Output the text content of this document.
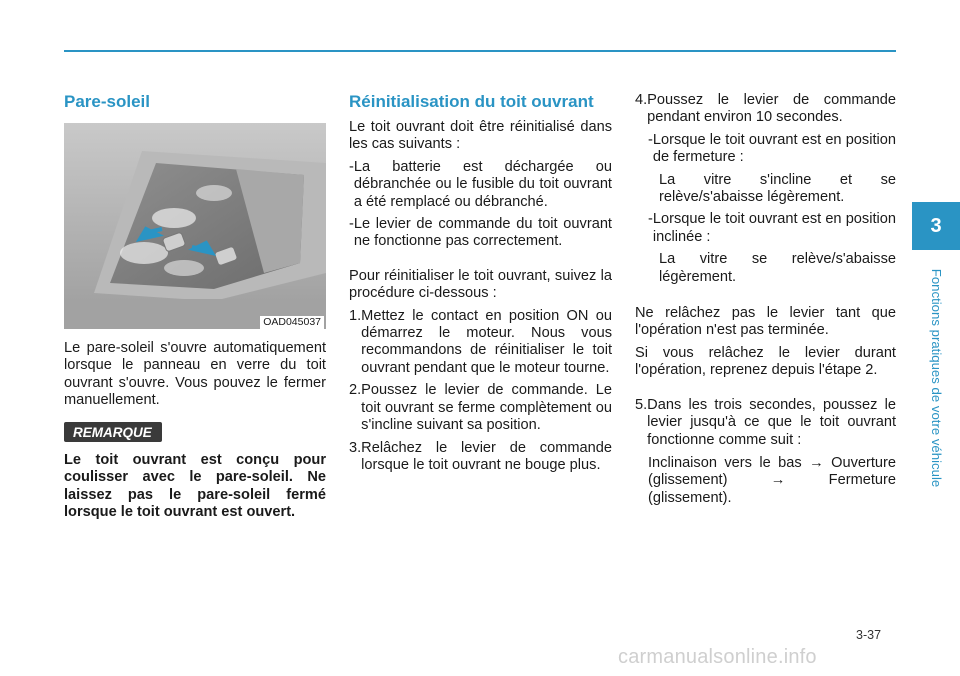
Pare-soleil
OAD045037

Le pare-soleil s'ouvre automatiquement lorsque le panneau en verre du toit ouvrant s'ouvre. Vous pouvez le fermer manuellement.

REMARQUE

Le toit ouvrant est conçu pour coulisser avec le pare-soleil. Ne laissez pas le pare-soleil fermé lorsque le toit ouvrant est ouvert.

Réinitialisation du toit ouvrant

Le toit ouvrant doit être réinitialisé dans les cas suivants :

- La batterie est déchargée ou débranchée ou le fusible du toit ouvrant a été remplacé ou débranché.
- Le levier de commande du toit ouvrant ne fonctionne pas correctement.

Pour réinitialiser le toit ouvrant, suivez la procédure ci-dessous :

1. Mettez le contact en position ON ou démarrez le moteur. Nous vous recommandons de réinitialiser le toit ouvrant pendant que le moteur tourne.
2. Poussez le levier de commande. Le toit ouvrant se ferme complètement ou s'incline suivant sa position.
3. Relâchez le levier de commande lorsque le toit ouvrant ne bouge plus.
4. Poussez le levier de commande pendant environ 10 secondes.
- Lorsque le toit ouvrant est en position de fermeture :

La vitre s'incline et se relève/s'abaisse légèrement.

- Lorsque le toit ouvrant est en position inclinée :

La vitre se relève/s'abaisse légèrement.

Ne relâchez pas le levier tant que l'opération n'est pas terminée.

Si vous relâchez le levier durant l'opération, reprenez depuis l'étape 2.

5. Dans les trois secondes, poussez le levier jusqu'à ce que le toit ouvrant fonctionne comme suit :

Inclinaison vers le bas → Ouverture (glissement) → Fermeture (glissement).

3
Fonctions pratiques de votre véhicule
3-37
carmanualsonline.info
